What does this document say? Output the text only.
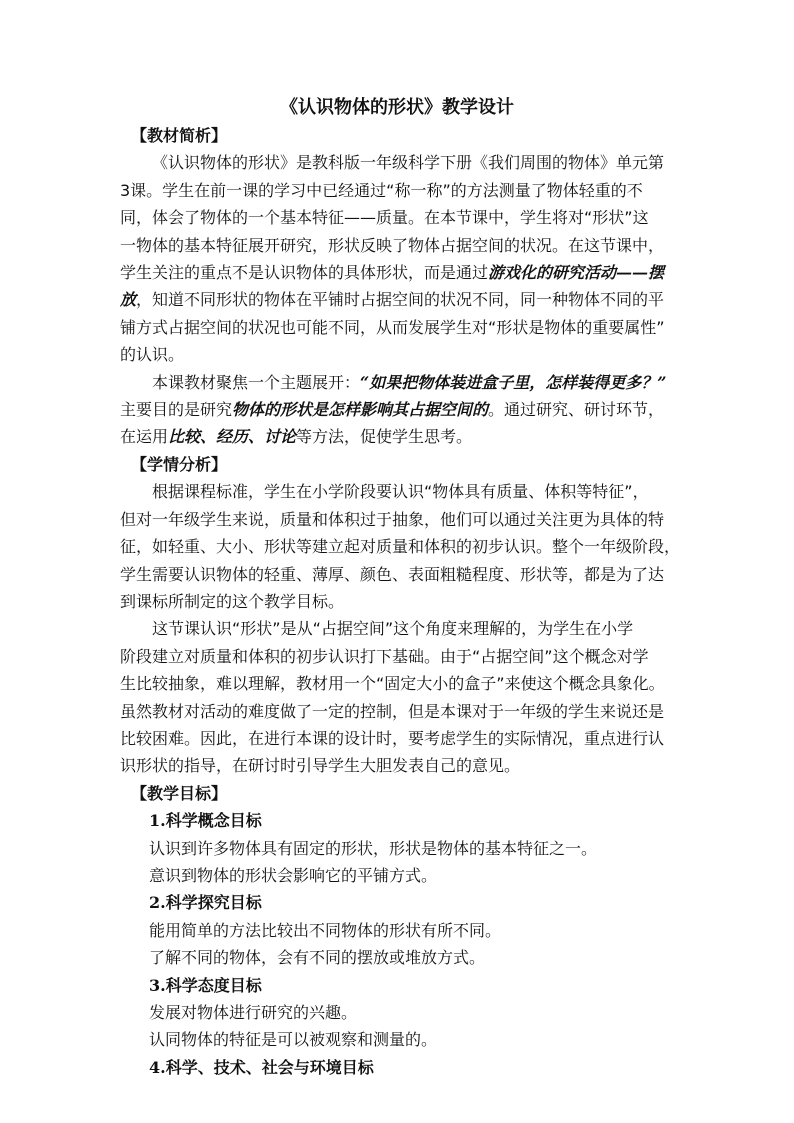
《认识物体的形状》教学设计
【教材简析】
《认识物体的形状》是教科版一年级科学下册《我们周围的物体》单元第
3课。学生在前一课的学习中已经通过“称一称”的方法测量了物体轻重的不
同，体会了物体的一个基本特征——质量。在本节课中，学生将对“形状”这
一物体的基本特征展开研究，形状反映了物体占据空间的状况。在这节课中，
学生关注的重点不是认识物体的具体形状，而是通过游戏化的研究活动——摆
放，知道不同形状的物体在平铺时占据空间的状况不同，同一种物体不同的平
铺方式占据空间的状况也可能不同，从而发展学生对“形状是物体的重要属性”
的认识。
本课教材聚焦一个主题展开：“如果把物体装进盒子里，怎样装得更多？”
主要目的是研究物体的形状是怎样影响其占据空间的。通过研究、研讨环节，
在运用比较、经历、讨论等方法，促使学生思考。
【学情分析】
根据课程标准，学生在小学阶段要认识“物体具有质量、体积等特征”，
但对一年级学生来说，质量和体积过于抽象，他们可以通过关注更为具体的特
征，如轻重、大小、形状等建立起对质量和体积的初步认识。整个一年级阶段，
学生需要认识物体的轻重、薄厚、颜色、表面粗糙程度、形状等，都是为了达
到课标所制定的这个教学目标。
这节课认识“形状”是从“占据空间”这个角度来理解的，为学生在小学
阶段建立对质量和体积的初步认识打下基础。由于“占据空间”这个概念对学
生比较抽象，难以理解，教材用一个“固定大小的盒子”来使这个概念具象化。
虽然教材对活动的难度做了一定的控制，但是本课对于一年级的学生来说还是
比较困难。因此，在进行本课的设计时，要考虑学生的实际情况，重点进行认
识形状的指导，在研讨时引导学生大胆发表自己的意见。
【教学目标】
1.科学概念目标
认识到许多物体具有固定的形状，形状是物体的基本特征之一。
意识到物体的形状会影响它的平铺方式。
2.科学探究目标
能用简单的方法比较出不同物体的形状有所不同。
了解不同的物体，会有不同的摆放或堆放方式。
3.科学态度目标
发展对物体进行研究的兴趣。
认同物体的特征是可以被观察和测量的。
4.科学、技术、社会与环境目标
